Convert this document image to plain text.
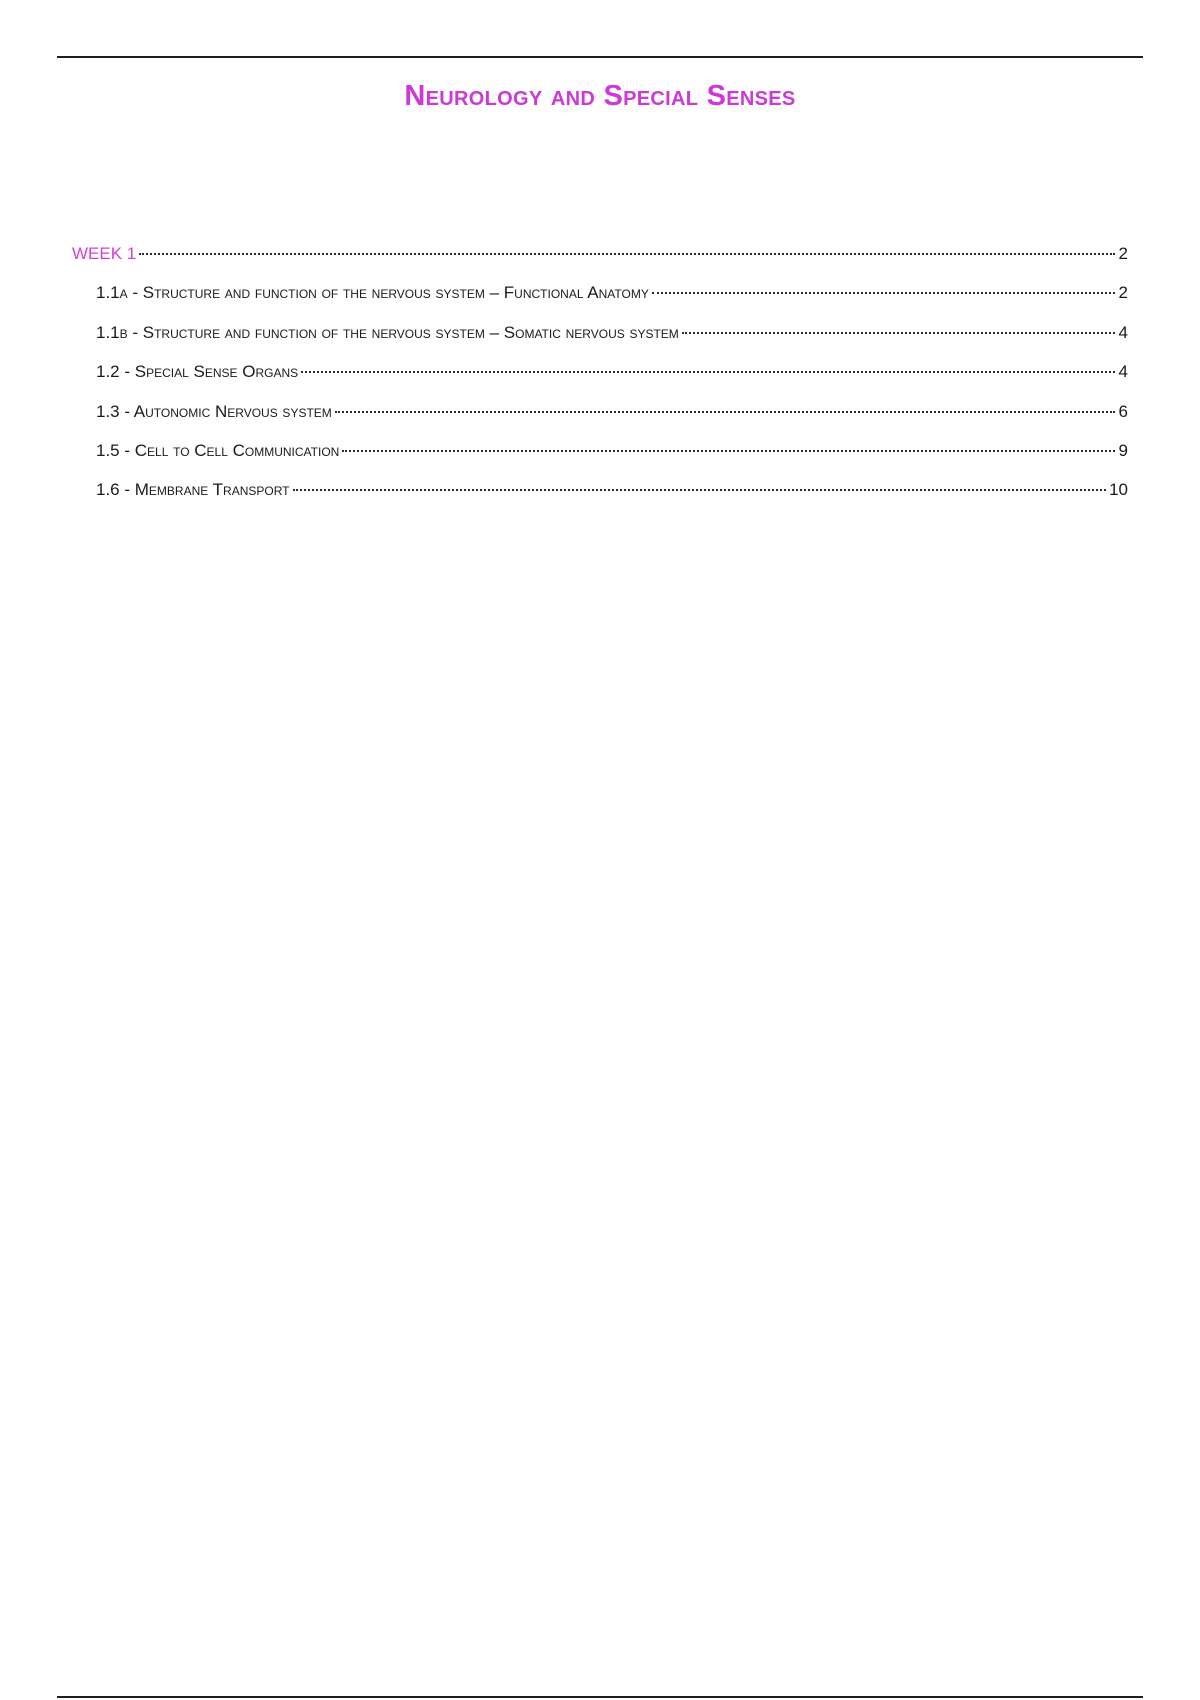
Neurology and Special Senses
WEEK 1	2
1.1a - Structure and function of the nervous system – Functional Anatomy	2
1.1b - Structure and function of the nervous system – Somatic nervous system	4
1.2 - Special Sense Organs	4
1.3 - Autonomic Nervous system	6
1.5 - Cell to Cell Communication	9
1.6 - Membrane Transport	10
